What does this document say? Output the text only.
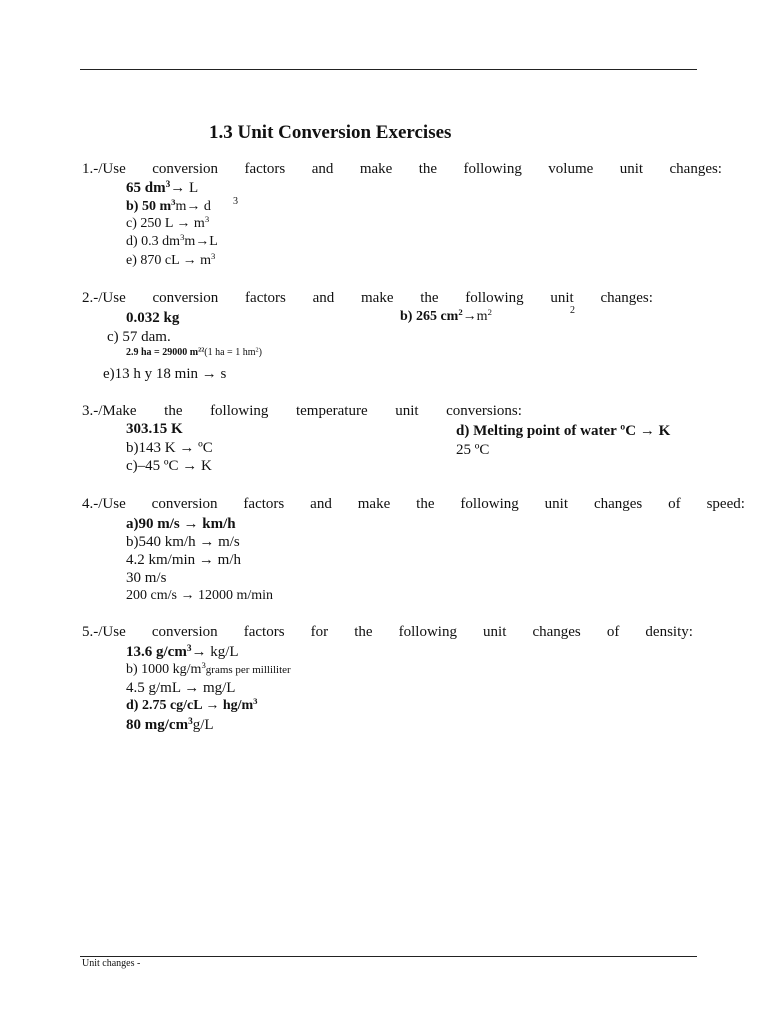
1.3 Unit Conversion Exercises
1.-/Use conversion factors and make the following volume unit changes:
65 $dm^3\to L$
b) 50 $m^3m\to d$ 3
c) 250 $L \to m^3$
d) 0.3 $dm^3m\to L$
e) 870 cL → $m^3$
2.-/Use conversion factors and make the following unit changes:
0.032 kg	b) 265 $cm^2\to m^2$	2
c) 57 dam.
2.9 ha = 29000 $m^{22}(1$ ha = 1 $hm^2$)
e)13 h y 18 min → s
3.-/Make the following temperature unit conversions:
303.15 K
b)143 K → ºC
c)–45 ºC → K
d) Melting point of water ºC → K
25 ºC
4.-/Use conversion factors and make the following unit changes of speed:
a)90 m/s → km/h
b)540 km/h → m/s
4.2 km/min → m/h
30 m/s
200 cm/s → 12000 m/min
5.-/Use conversion factors for the following unit changes of density:
13.6 $g/cm^3\to kg/L$
b) 1000 $kg/m^3grams$ per milliliter
4.5 g/mL → mg/L
d) 2.75 $cg/cL \to hg/m^3$
80 $mg/cm^3g/L$
Unit changes -
